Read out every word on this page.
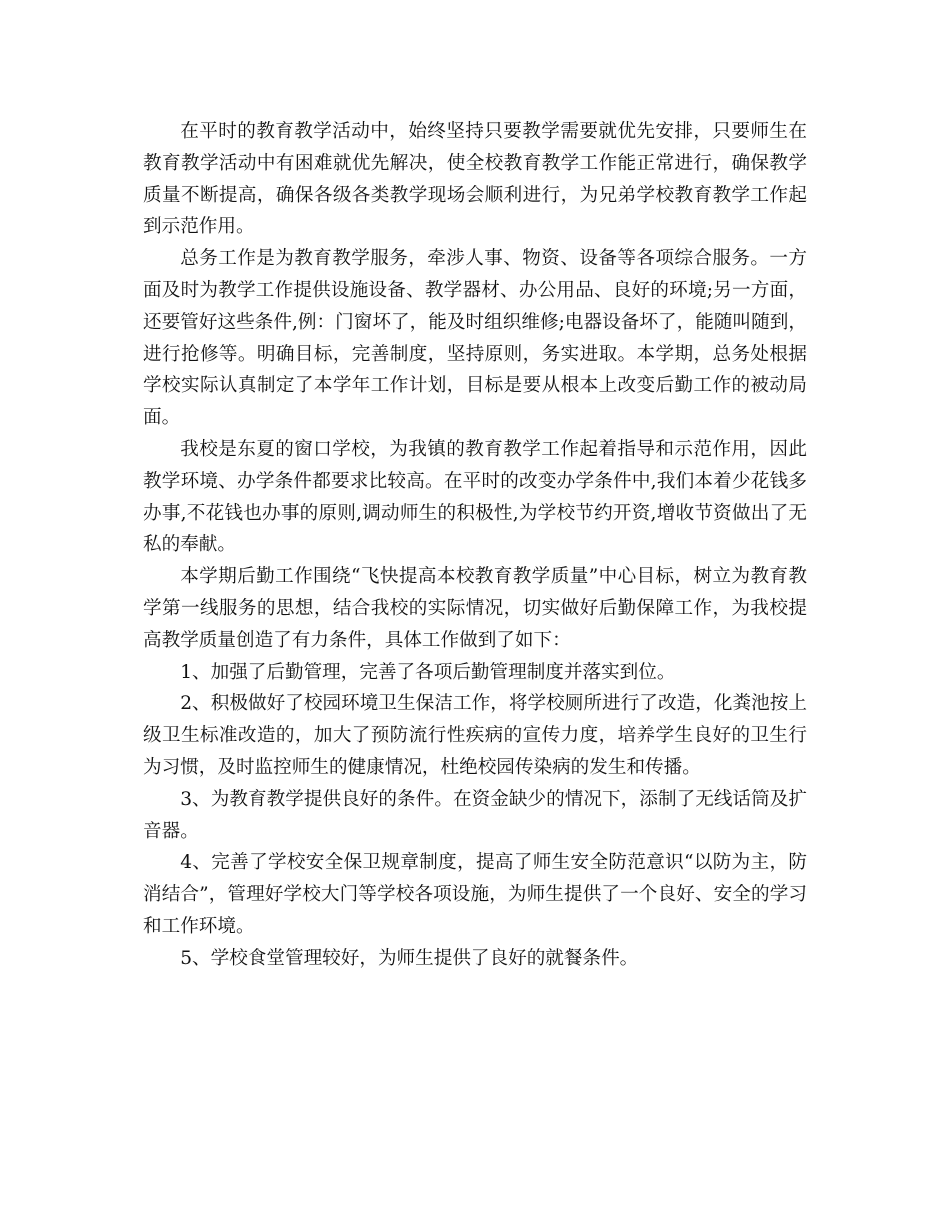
在平时的教育教学活动中，始终坚持只要教学需要就优先安排，只要师生在教育教学活动中有困难就优先解决，使全校教育教学工作能正常进行，确保教学质量不断提高，确保各级各类教学现场会顺利进行，为兄弟学校教育教学工作起到示范作用。

总务工作是为教育教学服务，牵涉人事、物资、设备等各项综合服务。一方面及时为教学工作提供设施设备、教学器材、办公用品、良好的环境;另一方面，还要管好这些条件,例：门窗坏了，能及时组织维修;电器设备坏了，能随叫随到，进行抢修等。明确目标，完善制度，坚持原则，务实进取。本学期，总务处根据学校实际认真制定了本学年工作计划，目标是要从根本上改变后勤工作的被动局面。

我校是东夏的窗口学校，为我镇的教育教学工作起着指导和示范作用，因此教学环境、办学条件都要求比较高。在平时的改变办学条件中,我们本着少花钱多办事,不花钱也办事的原则,调动师生的积极性,为学校节约开资,增收节资做出了无私的奉献。

本学期后勤工作围绕“飞快提高本校教育教学质量”中心目标，树立为教育教学第一线服务的思想，结合我校的实际情况，切实做好后勤保障工作，为我校提高教学质量创造了有力条件，具体工作做到了如下：

1、加强了后勤管理，完善了各项后勤管理制度并落实到位。

2、积极做好了校园环境卫生保洁工作，将学校厕所进行了改造，化粪池按上级卫生标准改造的，加大了预防流行性疾病的宣传力度，培养学生良好的卫生行为习惯，及时监控师生的健康情况，杜绝校园传染病的发生和传播。

3、为教育教学提供良好的条件。在资金缺少的情况下，添制了无线话筒及扩音器。

4、完善了学校安全保卫规章制度，提高了师生安全防范意识“以防为主，防消结合”，管理好学校大门等学校各项设施，为师生提供了一个良好、安全的学习和工作环境。

5、学校食堂管理较好，为师生提供了良好的就餐条件。
